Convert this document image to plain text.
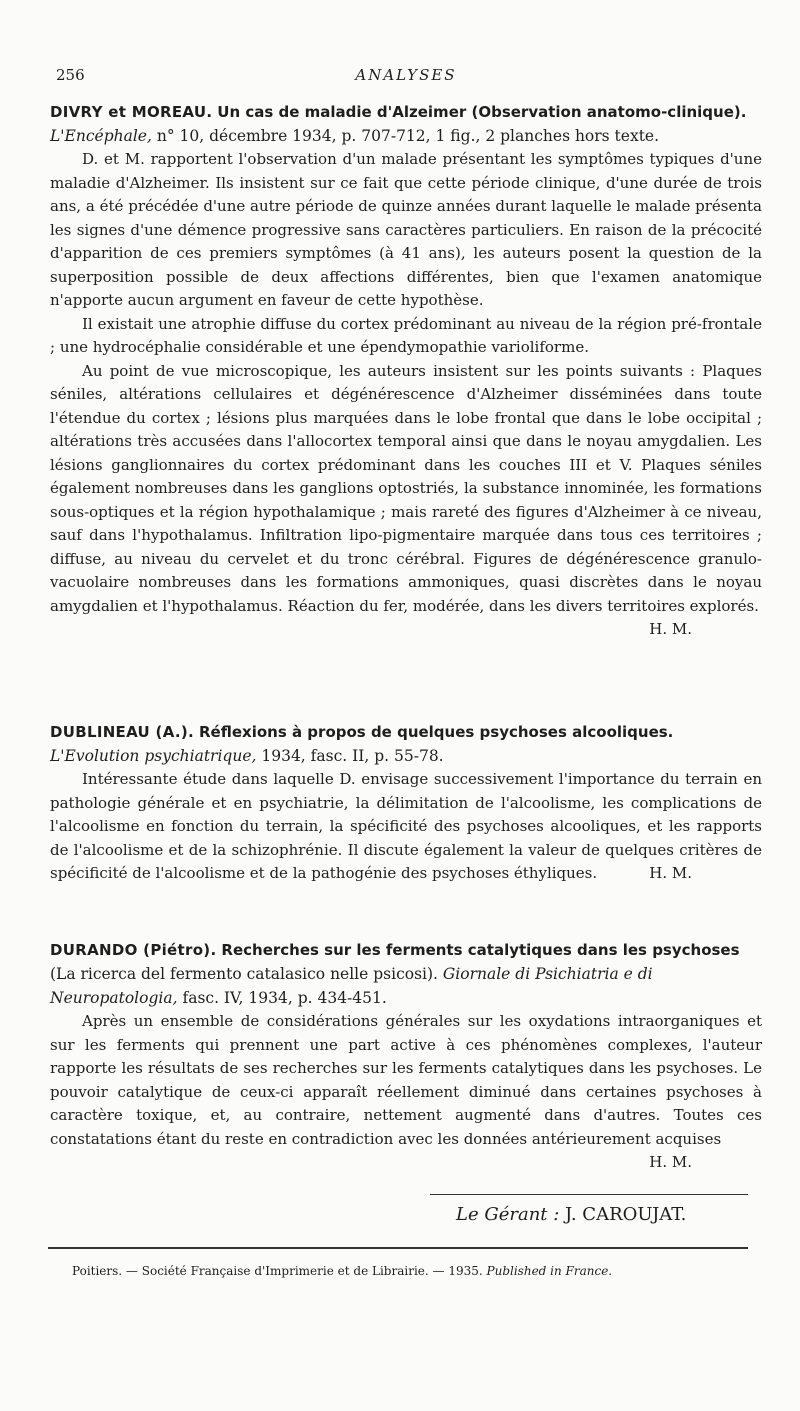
256	ANALYSES

DIVRY et MOREAU. Un cas de maladie d'Alzeimer (Observation anatomo-clinique). L'Encéphale, n° 10, décembre 1934, p. 707-712, 1 fig., 2 planches hors texte.

D. et M. rapportent l'observation d'un malade présentant les symptômes typiques d'une maladie d'Alzheimer. Ils insistent sur ce fait que cette période clinique, d'une durée de trois ans, a été précédée d'une autre période de quinze années durant laquelle le malade présenta les signes d'une démence progressive sans caractères particuliers. En raison de la précocité d'apparition de ces premiers symptômes (à 41 ans), les auteurs posent la question de la superposition possible de deux affections différentes, bien que l'examen anatomique n'apporte aucun argument en faveur de cette hypothèse.

Il existait une atrophie diffuse du cortex prédominant au niveau de la région pré-frontale ; une hydrocéphalie considérable et une épendymopathie varioliforme.

Au point de vue microscopique, les auteurs insistent sur les points suivants : Plaques séniles, altérations cellulaires et dégénérescence d'Alzheimer disséminées dans toute l'étendue du cortex ; lésions plus marquées dans le lobe frontal que dans le lobe occipital ; altérations très accusées dans l'allocortex temporal ainsi que dans le noyau amygdalien. Les lésions ganglionnaires du cortex prédominant dans les couches III et V. Plaques séniles également nombreuses dans les ganglions optostriés, la substance innominée, les formations sous-optiques et la région hypothalamique ; mais rareté des figures d'Alzheimer à ce niveau, sauf dans l'hypothalamus. Infiltration lipo-pigmentaire marquée dans tous ces territoires ; diffuse, au niveau du cervelet et du tronc cérébral. Figures de dégénérescence granulo-vacuolaire nombreuses dans les formations ammoniques, quasi discrètes dans le noyau amygdalien et l'hypothalamus. Réaction du fer, modérée, dans les divers territoires explorés.
H. M.

DUBLINEAU (A.). Réflexions à propos de quelques psychoses alcooliques. L'Evolution psychiatrique, 1934, fasc. II, p. 55-78.

Intéressante étude dans laquelle D. envisage successivement l'importance du terrain en pathologie générale et en psychiatrie, la délimitation de l'alcoolisme, les complications de l'alcoolisme en fonction du terrain, la spécificité des psychoses alcooliques, et les rapports de l'alcoolisme et de la schizophrénie. Il discute également la valeur de quelques critères de spécificité de l'alcoolisme et de la pathogénie des psychoses éthyliques.	H. M.

DURANDO (Piétro). Recherches sur les ferments catalytiques dans les psychoses (La ricerca del fermento catalasico nelle psicosi). Giornale di Psichiatria e di Neuropatologia, fasc. IV, 1934, p. 434-451.

Après un ensemble de considérations générales sur les oxydations intraorganiques et sur les ferments qui prennent une part active à ces phénomènes complexes, l'auteur rapporte les résultats de ses recherches sur les ferments catalytiques dans les psychoses. Le pouvoir catalytique de ceux-ci apparaît réellement diminué dans certaines psychoses à caractère toxique, et, au contraire, nettement augmenté dans d'autres. Toutes ces constatations étant du reste en contradiction avec les données antérieurement acquises

H. M.

Le Gérant : J. CAROUJAT.
Poitiers. — Société Française d'Imprimerie et de Librairie. — 1935. Published in France.
